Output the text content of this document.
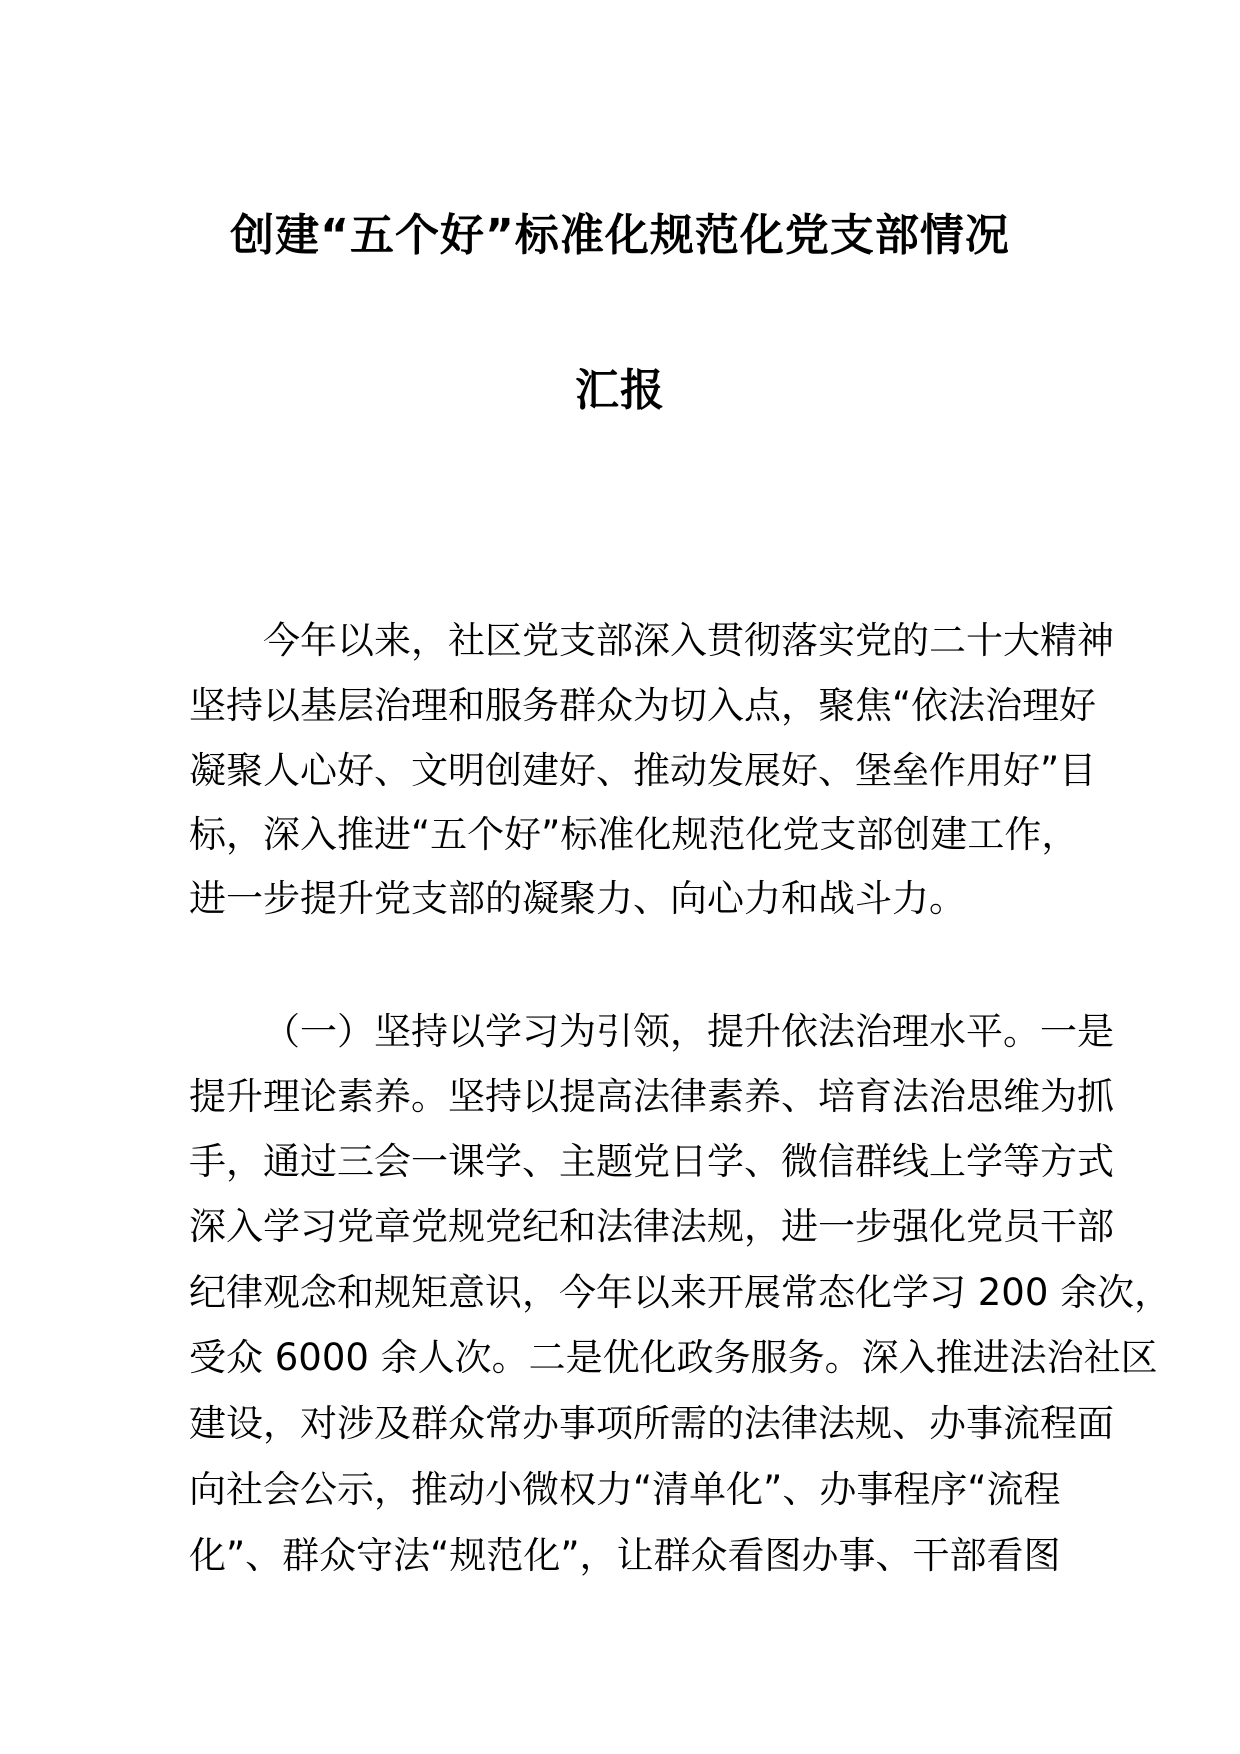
创建“五个好”标准化规范化党支部情况
汇报
今年以来，社区党支部深入贯彻落实党的二十大精神
坚持以基层治理和服务群众为切入点，聚焦“依法治理好
凝聚人心好、文明创建好、推动发展好、堡垒作用好”目
标，深入推进“五个好”标准化规范化党支部创建工作，
进一步提升党支部的凝聚力、向心力和战斗力。
（一）坚持以学习为引领，提升依法治理水平。一是
提升理论素养。坚持以提高法律素养、培育法治思维为抓
手，通过三会一课学、主题党日学、微信群线上学等方式
深入学习党章党规党纪和法律法规，进一步强化党员干部
纪律观念和规矩意识，今年以来开展常态化学习 200 余次，
受众 6000 余人次。二是优化政务服务。深入推进法治社区
建设，对涉及群众常办事项所需的法律法规、办事流程面
向社会公示，推动小微权力“清单化”、办事程序“流程
化”、群众守法“规范化”，让群众看图办事、干部看图
